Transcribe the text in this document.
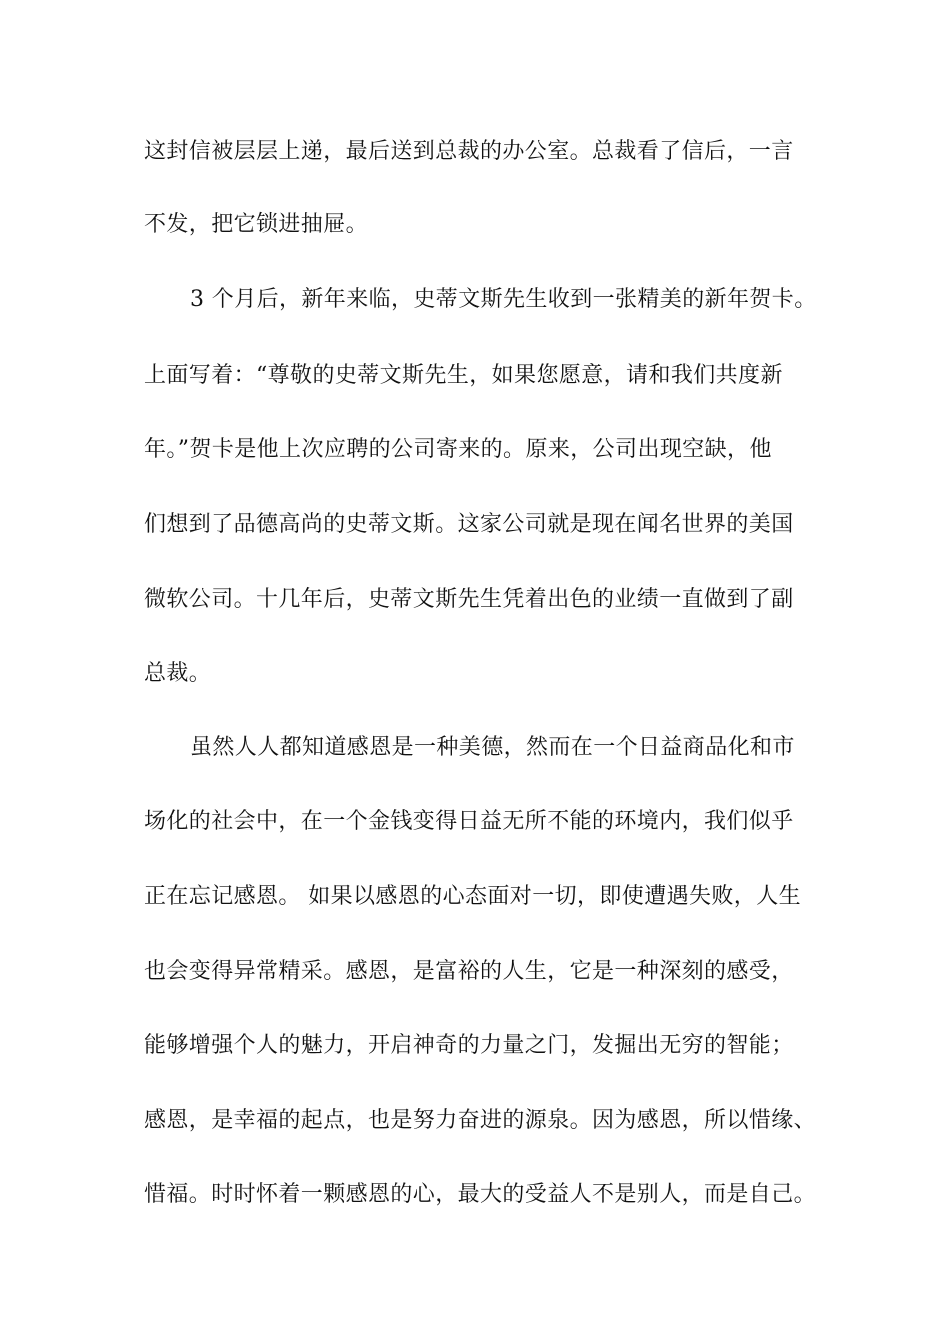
这封信被层层上递，最后送到总裁的办公室。总裁看了信后，一言
不发，把它锁进抽屉。
3 个月后，新年来临，史蒂文斯先生收到一张精美的新年贺卡。
上面写着：“尊敬的史蒂文斯先生，如果您愿意，请和我们共度新
年。”贺卡是他上次应聘的公司寄来的。原来，公司出现空缺，他
们想到了品德高尚的史蒂文斯。这家公司就是现在闻名世界的美国
微软公司。十几年后，史蒂文斯先生凭着出色的业绩一直做到了副
总裁。
虽然人人都知道感恩是一种美德，然而在一个日益商品化和市
场化的社会中，在一个金钱变得日益无所不能的环境内，我们似乎
正在忘记感恩。 如果以感恩的心态面对一切，即使遭遇失败，人生
也会变得异常精采。感恩，是富裕的人生，它是一种深刻的感受，
能够增强个人的魅力，开启神奇的力量之门，发掘出无穷的智能；
感恩，是幸福的起点，也是努力奋进的源泉。因为感恩，所以惜缘、
惜福。时时怀着一颗感恩的心，最大的受益人不是别人，而是自己。
